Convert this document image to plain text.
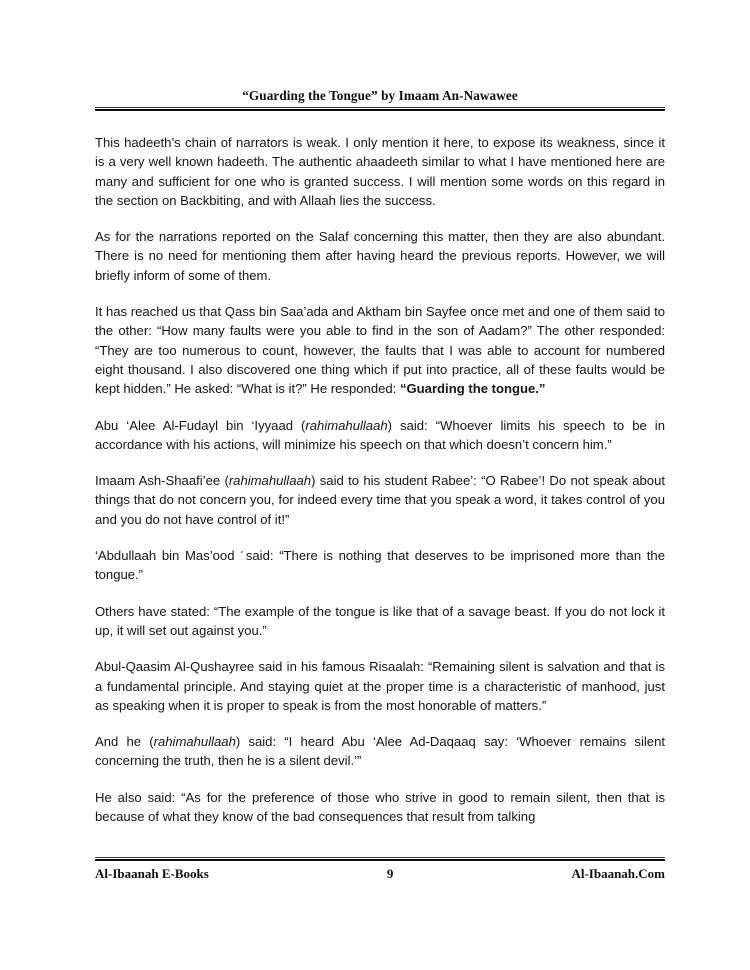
“Guarding the Tongue” by Imaam An-Nawawee

This hadeeth’s chain of narrators is weak. I only mention it here, to expose its weakness, since it is a very well known hadeeth. The authentic ahaadeeth similar to what I have mentioned here are many and sufficient for one who is granted success. I will mention some words on this regard in the section on Backbiting, and with Allaah lies the success.

As for the narrations reported on the Salaf concerning this matter, then they are also abundant. There is no need for mentioning them after having heard the previous reports. However, we will briefly inform of some of them.

It has reached us that Qass bin Saa’ada and Aktham bin Sayfee once met and one of them said to the other: “How many faults were you able to find in the son of Aadam?” The other responded: “They are too numerous to count, however, the faults that I was able to account for numbered eight thousand. I also discovered one thing which if put into practice, all of these faults would be kept hidden.” He asked: “What is it?” He responded: “Guarding the tongue.”

Abu ‘Alee Al-Fudayl bin ‘Iyyaad (rahimahullaah) said: “Whoever limits his speech to be in accordance with his actions, will minimize his speech on that which doesn’t concern him.”

Imaam Ash-Shaafi’ee (rahimahullaah) said to his student Rabee’: “O Rabee’! Do not speak about things that do not concern you, for indeed every time that you speak a word, it takes control of you and you do not have control of it!”

‘Abdullaah bin Mas’ood  said: “There is nothing that deserves to be imprisoned more than the tongue.”

Others have stated: “The example of the tongue is like that of a savage beast. If you do not lock it up, it will set out against you.”

Abul-Qaasim Al-Qushayree said in his famous Risaalah: “Remaining silent is salvation and that is a fundamental principle. And staying quiet at the proper time is a characteristic of manhood, just as speaking when it is proper to speak is from the most honorable of matters.”

And he (rahimahullaah) said: “I heard Abu ‘Alee Ad-Daqaaq say: ‘Whoever remains silent concerning the truth, then he is a silent devil.’”

He also said: “As for the preference of those who strive in good to remain silent, then that is because of what they know of the bad consequences that result from talking

Al-Ibaanah E-Books	9	Al-Ibaanah.Com
